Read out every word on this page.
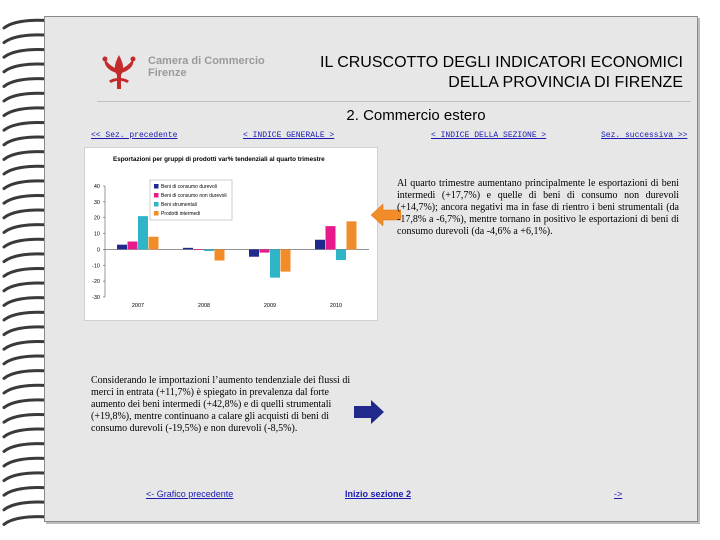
Camera di Commercio
Firenze
IL CRUSCOTTO DEGLI INDICATORI ECONOMICI
DELLA PROVINCIA DI FIRENZE
2. Commercio estero
<< Sez. precedente	< INDICE GENERALE >	< INDICE DELLA SEZIONE >	Sez. successiva >>
Esportazioni per gruppi di prodotti var% tendenziali al quarto trimestre
-30
-20
-10
0
10
20
30
40
2007	2008	2009	2010
Beni di consumo durevoli
Beni di consumo non durevoli
Beni strumentali
Prodotti intermedi
Al quarto trimestre aumentano principalmente le esportazioni di beni intermedi (+17,7%) e quelle di beni di consumo non durevoli (+14,7%); ancora negativi ma in fase di rientro i beni strumentali (da -17,8% a -6,7%), mentre tornano in positivo le esportazioni di beni di consumo durevoli (da -4,6% a +6,1%).
Considerando le importazioni l’aumento tendenziale dei flussi di merci in entrata (+11,7%) è spiegato in prevalenza dal forte aumento dei beni intermedi (+42,8%) e di quelli strumentali (+19,8%), mentre continuano a calare gli acquisti di beni di consumo durevoli (-19,5%) e non durevoli (-8,5%).
<- Grafico precedente	Inizio sezione 2	->
